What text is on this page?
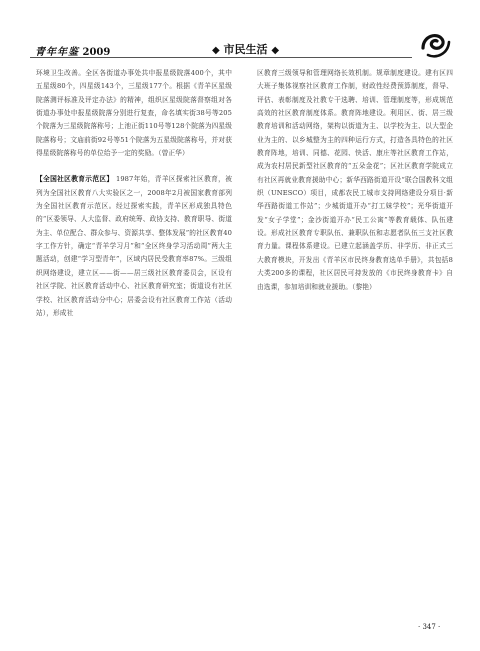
青年年鉴 2009	◆ 市民生活 ◆

环境卫生改善。全区各街道办事处共申报星级院落400个，其中五星级80个，四星级143个，三星级177个。根据《青羊区星级院落测评标准及评定办法》的精神，组织区星级院落督察组对各街道办事处申报星级院落分别进行复查，命名填实街38号等205个院落为三星级院落称号；上池正街110号等128个院落为四星级院落称号；文庙前街92号等51个院落为五星级院落称号，并对获得星级院落称号的单位给予一定的奖励。（曾正华）

【全国社区教育示范区】 1987年始，青羊区探索社区教育，被列为全国社区教育八大实验区之一，2008年2月被国家教育部列为全国社区教育示范区。经过探索实践，青羊区形成独具特色的“区委领导、人大监督、政府统筹、政协支持、教育职导、街道为主、单位配合、群众参与、资源共享、整体发展”的社区教育40字工作方针，确定“青羊学习月”和“全区终身学习活动周”两大主题活动，创建“学习型青年”，区域内居民受教育率87%。三级组织网络建设，建立区——街——居三级社区教育委员会，区设有社区学院、社区教育活动中心、社区教育研究室；街道设有社区学校、社区教育活动分中心；居委会设有社区教育工作站（活动站），形成社

区教育三级领导和管理网络长效机制。规章制度建设。建有区四大班子集体视察社区教育工作制，财政性经费预算制度，督导、评估、表彰制度及社教专干选聘、培训、管理制度等，形成规范高效的社区教育制度体系。教育阵地建设。利用区、街、居三级教育培训和活动网络，架构以街道为主、以学校为主、以大型企业为主的、以乡城整为主的四种运行方式，打造各具特色的社区教育阵地，培训、同德、花园、快活、康庄等社区教育工作站，成为农村居民新型社区教育的“五朵金花”；区社区教育学院成立有社区再就业教育援助中心；新华西路街道开设“联合国教科文组织（UNESCO）项目，成都农民工城市支持网络建设分项目·新华西路街道工作站”；少城街道开办“打工妹学校”；光华街道开发“女子学堂”；金沙街道开办“民工公寓”等教育载体、队伍建设。形成社区教育专职队伍、兼职队伍和志愿者队伍三支社区教育力量。课程体系建设。已建立起涵盖学历、非学历、非正式三大教育模块，开发出《青羊区市民终身教育选单手册》，共包括8大类200多的课程，社区居民可持发放的《市民终身教育卡》自由选课，参加培训和就业援助。（黎艳）

· 347 ·
